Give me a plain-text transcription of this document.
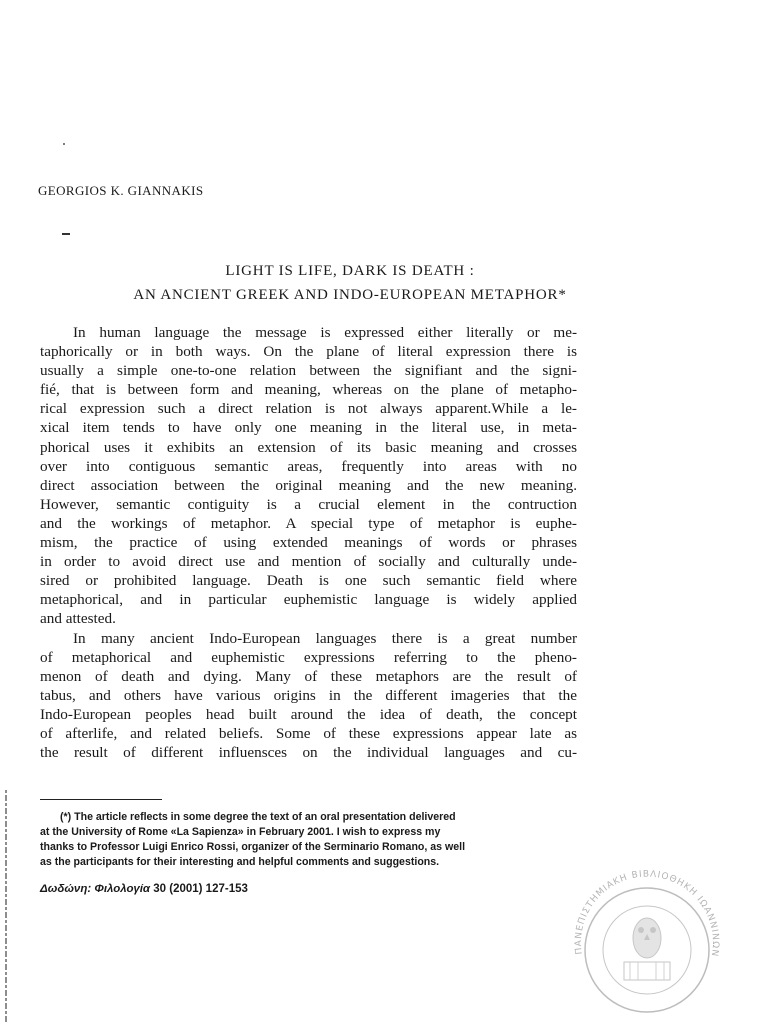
GEORGIOS K. GIANNAKIS
LIGHT IS LIFE, DARK IS DEATH :
AN ANCIENT GREEK AND INDO-EUROPEAN METAPHOR*
In human language the message is expressed either literally or me-
taphorically or in both ways. On the plane of literal expression there is
usually a simple one-to-one relation between the signifiant and the signi-
fié, that is between form and meaning, whereas on the plane of metapho-
rical expression such a direct relation is not always apparent.While a le-
xical item tends to have only one meaning in the literal use, in meta-
phorical uses it exhibits an extension of its basic meaning and crosses
over into contiguous semantic areas, frequently into areas with no
direct association between the original meaning and the new meaning.
However, semantic contiguity is a crucial element in the contruction
and the workings of metaphor. A special type of metaphor is euphe-
mism, the practice of using extended meanings of words or phrases
in order to avoid direct use and mention of socially and culturally unde-
sired or prohibited language. Death is one such semantic field where
metaphorical, and in particular euphemistic language is widely applied
and attested.
In many ancient Indo-European languages there is a great number
of metaphorical and euphemistic expressions referring to the pheno-
menon of death and dying. Many of these metaphors are the result of
tabus, and others have various origins in the different imageries that the
Indo-European peoples head built around the idea of death, the concept
of afterlife, and related beliefs. Some of these expressions appear late as
the result of different influensces on the individual languages and cu-
(*) The article reflects in some degree the text of an oral presentation delivered
at the University of Rome «La Sapienza» in February 2001. I wish to express my
thanks to Professor Luigi Enrico Rossi, organizer of the Serminario Romano, as well
as the participants for their interesting and helpful comments and suggestions.
Δωδώνη: Φιλολογία 30 (2001) 127-153
ΠΑΝΕΠΙΣΤΗΜΙΑΚΗ ΒΙΒΛΙΟΘΗΚΗ ΙΩΑΝΝΙΝΩΝ
